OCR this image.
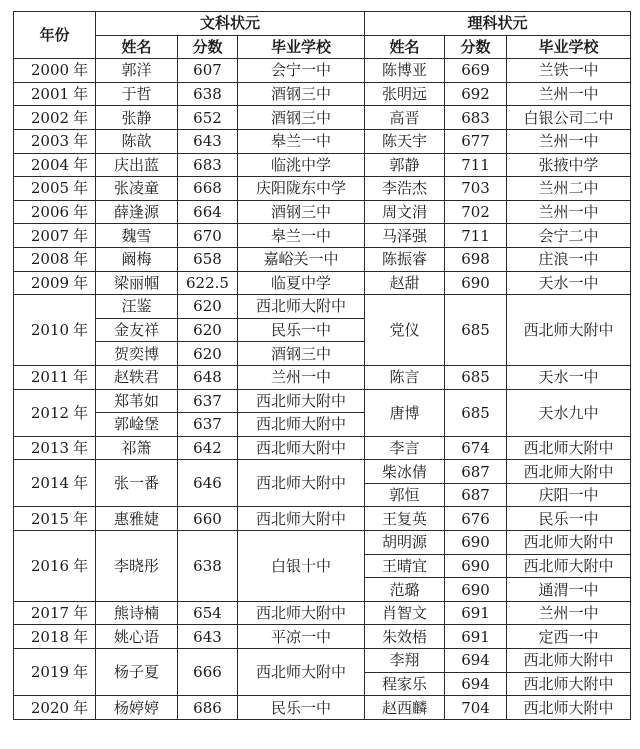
年份	文科状元			理科状元		
	姓名	分数	毕业学校	姓名	分数	毕业学校
2000 年	郭洋	607	会宁一中	陈博亚	669	兰铁一中
2001 年	于哲	638	酒钢三中	张明远	692	兰州一中
2002 年	张静	652	酒钢三中	高晋	683	白银公司二中
2003 年	陈歆	643	皋兰一中	陈天宇	677	兰州一中
2004 年	庆出蓝	683	临洮中学	郭静	711	张掖中学
2005 年	张凌童	668	庆阳陇东中学	李浩杰	703	兰州二中
2006 年	薛逢源	664	酒钢三中	周文涓	702	兰州一中
2007 年	魏雪	670	皋兰一中	马泽强	711	会宁二中
2008 年	阚梅	658	嘉峪关一中	陈振睿	698	庄浪一中
2009 年	梁丽帼	622.5	临夏中学	赵甜	690	天水一中
2010 年	汪鉴	620	西北师大附中	党仪	685	西北师大附中
	金友祥	620	民乐一中			
	贺奕博	620	酒钢三中			
2011 年	赵轶君	648	兰州一中	陈言	685	天水一中
2012 年	郑苇如	637	西北师大附中	唐博	685	天水九中
	郭崯堡	637	西北师大附中			
2013 年	祁箫	642	西北师大附中	李言	674	西北师大附中
2014 年	张一番	646	西北师大附中	柴冰倩	687	西北师大附中
				郭恒	687	庆阳一中
2015 年	惠雅婕	660	西北师大附中	王复英	676	民乐一中
2016 年	李晓彤	638	白银十中	胡明源	690	西北师大附中
				王晴宜	690	西北师大附中
				范璐	690	通渭一中
2017 年	熊诗楠	654	西北师大附中	肖智文	691	兰州一中
2018 年	姚心语	643	平凉一中	朱效梧	691	定西一中
2019 年	杨子夏	666	西北师大附中	李翔	694	西北师大附中
				程家乐	694	西北师大附中
2020 年	杨婷婷	686	民乐一中	赵西麟	704	西北师大附中
